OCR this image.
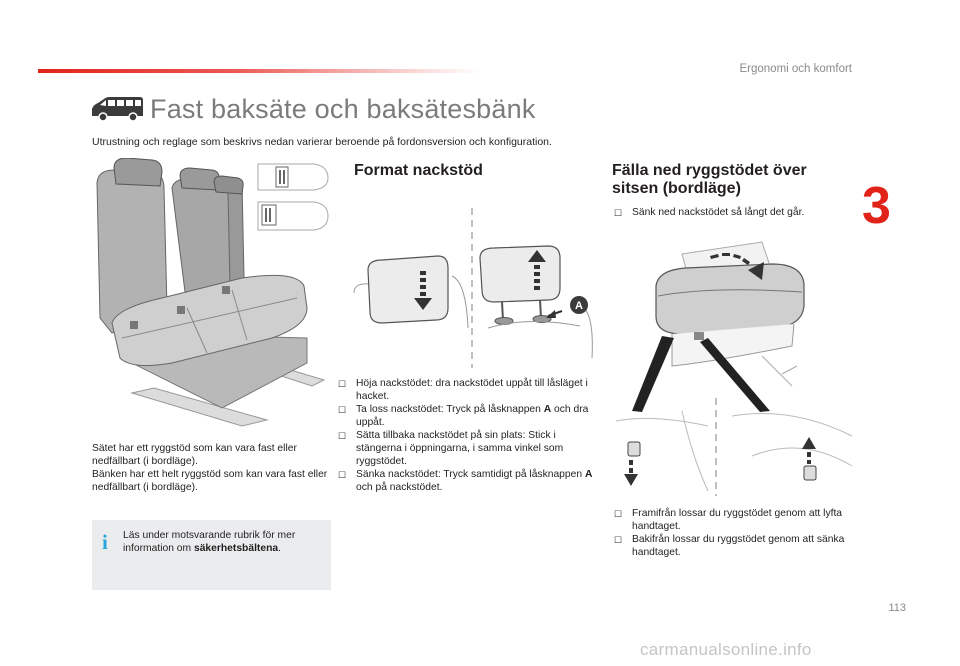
Ergonomi och komfort
3
Fast baksäte och baksätesbänk
Utrustning och reglage som beskrivs nedan varierar beroende på fordonsversion och konfiguration.

Sätet har ett ryggstöd som kan vara fast eller nedfällbart (i bordläge).

Bänken har ett helt ryggstöd som kan vara fast eller nedfällbart (i bordläge).

i Läs under motsvarande rubrik för mer information om säkerhetsbältena.
Format nackstöd
A
☐ Höja nackstödet: dra nackstödet uppåt till låsläget i hacket.
☐ Ta loss nackstödet: Tryck på låsknappen A och dra uppåt.
☐ Sätta tillbaka nackstödet på sin plats: Stick i stängerna i öppningarna, i samma vinkel som ryggstödet.
☐ Sänka nackstödet: Tryck samtidigt på låsknappen A och på nackstödet.
Fälla ned ryggstödet över
sitsen (bordläge)
☐ Sänk ned nackstödet så långt det går.
☐ Framifrån lossar du ryggstödet genom att lyfta handtaget.
☐ Bakifrån lossar du ryggstödet genom att sänka handtaget.
113
carmanualsonline.info
